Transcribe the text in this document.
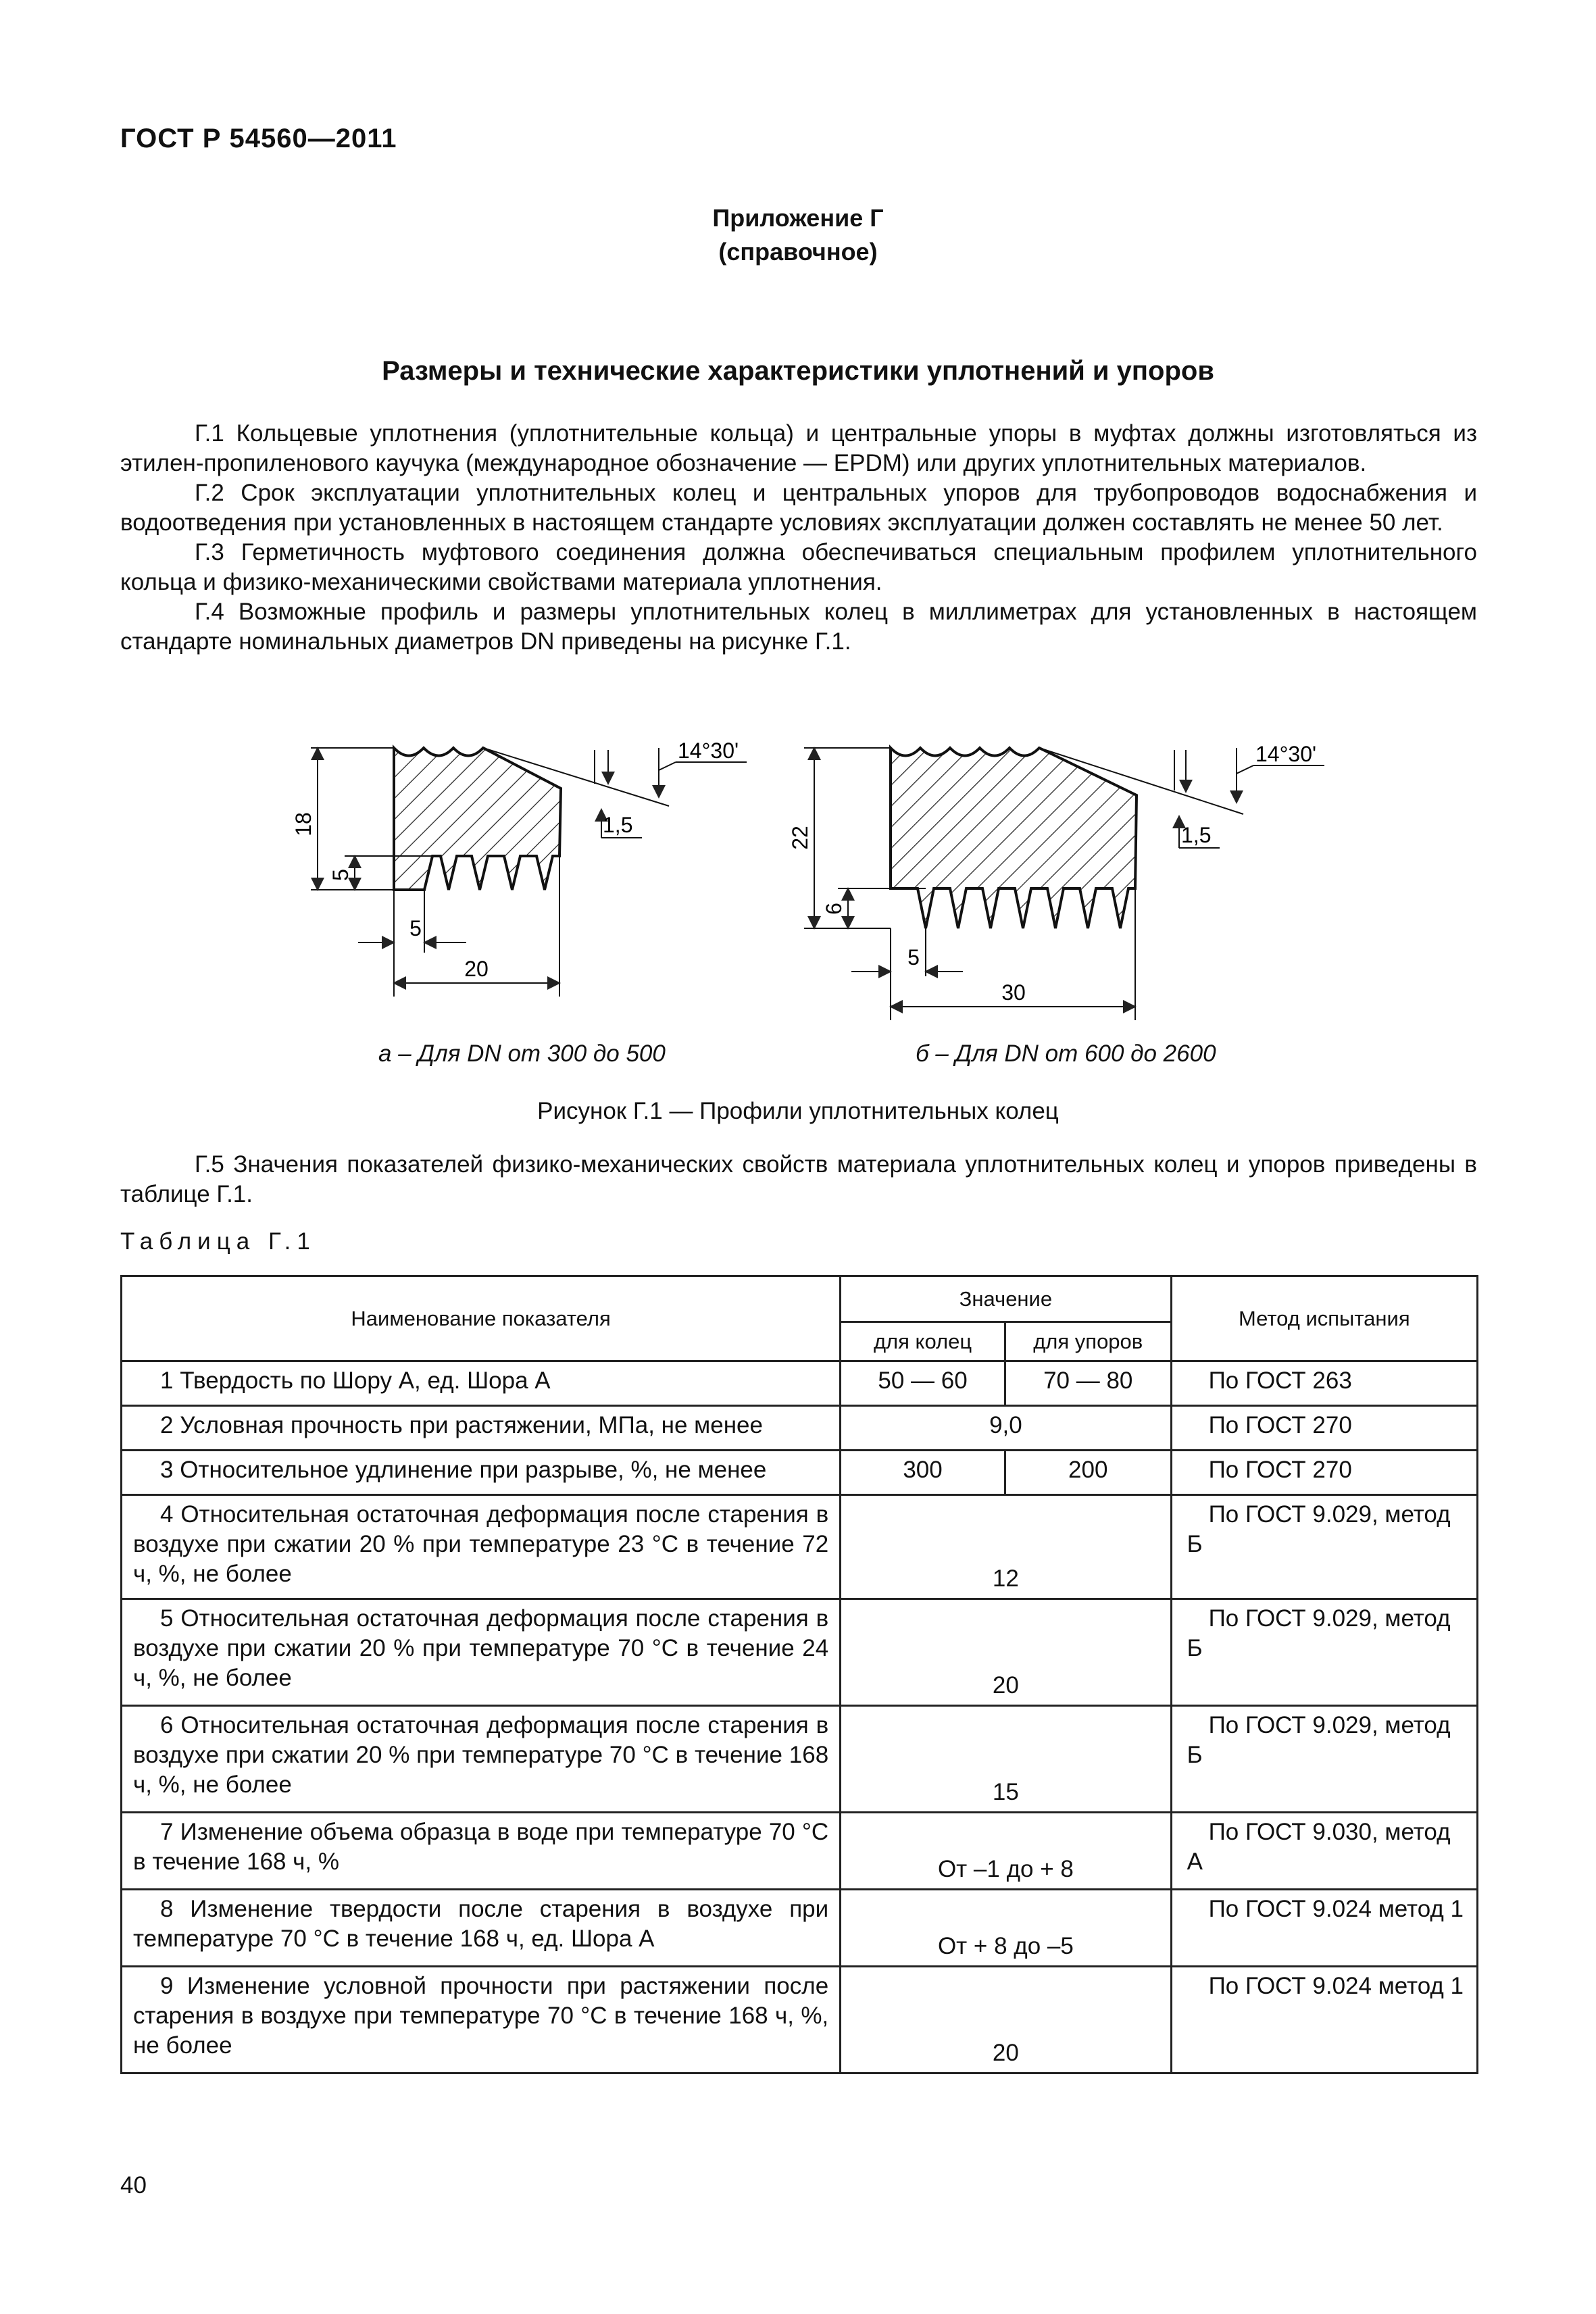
ГОСТ Р 54560—2011
Приложение Г
(справочное)
Размеры и технические характеристики уплотнений и упоров

Г.1 Кольцевые уплотнения (уплотнительные кольца) и центральные упоры в муфтах должны изготовляться из этилен-пропиленового каучука (международное обозначение — EPDM) или других уплотнительных материалов.

Г.2 Срок эксплуатации уплотнительных колец и центральных упоров для трубопроводов водоснабжения и водоотведения при установленных в настоящем стандарте условиях эксплуатации должен составлять не менее 50 лет.

Г.3 Герметичность муфтового соединения должна обеспечиваться специальным профилем уплотнительного кольца и физико-механическими свойствами материала уплотнения.

Г.4 Возможные профиль и размеры уплотнительных колец в миллиметрах для установленных в настоящем стандарте номинальных диаметров DN приведены на рисунке Г.1.

18
5
5
20
1,5
14°30'
22
6
5
30
1,5
14°30'
а – Для DN от 300 до 500	б – Для DN от 600 до 2600
Рисунок Г.1 — Профили уплотнительных колец

Г.5 Значения показателей физико-механических свойств материала уплотнительных колец и упоров приведены в таблице Г.1.

Таблица Г.1
Наименование показателя	Значение		Метод испытания
	для колец	для упоров	
1 Твердость по Шору А, ед. Шора А	50 — 60	70 — 80	По ГОСТ 263
2 Условная прочность при растяжении, МПа, не менее	9,0		По ГОСТ 270
3 Относительное удлинение при разрыве, %, не менее	300	200	По ГОСТ 270
4 Относительная остаточная деформация после старения в воздухе при сжатии 20 % при температуре 23 °С в течение 72 ч, %, не более	12		По ГОСТ 9.029, метод Б
5 Относительная остаточная деформация после старения в воздухе при сжатии 20 % при температуре 70 °С в течение 24 ч, %, не более	20		По ГОСТ 9.029, метод Б
6 Относительная остаточная деформация после старения в воздухе при сжатии 20 % при температуре 70 °С в течение 168 ч, %, не более	15		По ГОСТ 9.029, метод Б
7 Изменение объема образца в воде при температуре 70 °С в течение 168 ч, %	От –1 до + 8		По ГОСТ 9.030, метод А
8 Изменение твердости после старения в воздухе при температуре 70 °С в течение 168 ч, ед. Шора А	От + 8 до –5		По ГОСТ 9.024 метод 1
9 Изменение условной прочности при растяжении после старения в воздухе при температуре 70 °С в течение 168 ч, %, не более	20		По ГОСТ 9.024 метод 1
40
